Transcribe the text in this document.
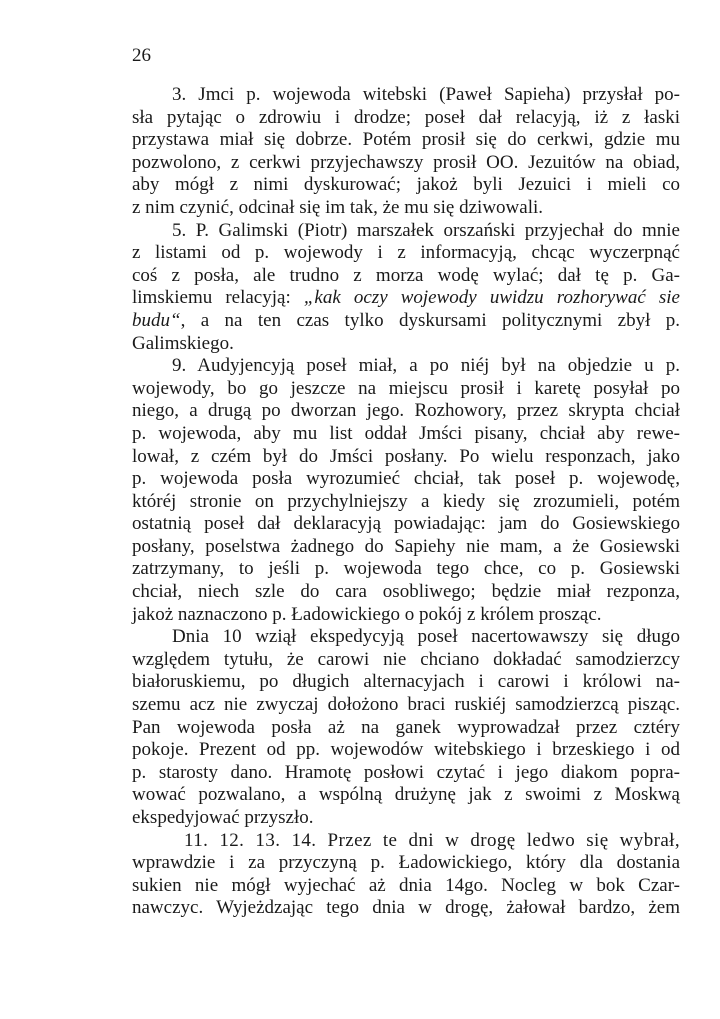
26
3. Jmci p. wojewoda witebski (Paweł Sapieha) przysłał po-
sła pytając o zdrowiu i drodze; poseł dał relacyją, iż z łaski
przystawa miał się dobrze. Potém prosił się do cerkwi, gdzie mu
pozwolono, z cerkwi przyjechawszy prosił OO. Jezuitów na obiad,
aby mógł z nimi dyskurować; jakoż byli Jezuici i mieli co
z nim czynić, odcinał się im tak, że mu się dziwowali.
5. P. Galimski (Piotr) marszałek orszański przyjechał do mnie
z listami od p. wojewody i z informacyją, chcąc wyczerpnąć
coś z posła, ale trudno z morza wodę wylać; dał tę p. Ga-
limskiemu relacyją: „kak oczy wojewody uwidzu rozhorywać sie
budu“, a na ten czas tylko dyskursami politycznymi zbył p.
Galimskiego.
9. Audyjencyją poseł miał, a po niéj był na objedzie u p.
wojewody, bo go jeszcze na miejscu prosił i karetę posyłał po
niego, a drugą po dworzan jego. Rozhowory, przez skrypta chciał
p. wojewoda, aby mu list oddał Jmści pisany, chciał aby rewe-
lował, z czém był do Jmści posłany. Po wielu responzach, jako
p. wojewoda posła wyrozumieć chciał, tak poseł p. wojewodę,
któréj stronie on przychylniejszy a kiedy się zrozumieli, potém
ostatnią poseł dał deklaracyją powiadając: jam do Gosiewskiego
posłany, poselstwa żadnego do Sapiehy nie mam, a że Gosiewski
zatrzymany, to jeśli p. wojewoda tego chce, co p. Gosiewski
chciał, niech szle do cara osobliwego; będzie miał rezponza,
jakoż naznaczono p. Ładowickiego o pokój z królem prosząc.
Dnia 10 wziął ekspedycyją poseł nacertowawszy się długo
względem tytułu, że carowi nie chciano dokładać samodzierzcy
białoruskiemu, po długich alternacyjach i carowi i królowi na-
szemu acz nie zwyczaj dołożono braci ruskiéj samodzierzcą pisząc.
Pan wojewoda posła aż na ganek wyprowadzał przez cztéry
pokoje. Prezent od pp. wojewodów witebskiego i brzeskiego i od
p. starosty dano. Hramotę posłowi czytać i jego diakom popra-
wować pozwalano, a wspólną drużynę jak z swoimi z Moskwą
ekspedyjować przyszło.
11. 12. 13. 14. Przez te dni w drogę ledwo się wybrał,
wprawdzie i za przyczyną p. Ładowickiego, który dla dostania
sukien nie mógł wyjechać aż dnia 14go. Nocleg w bok Czar-
nawczyc. Wyjeżdzając tego dnia w drogę, żałował bardzo, żem
